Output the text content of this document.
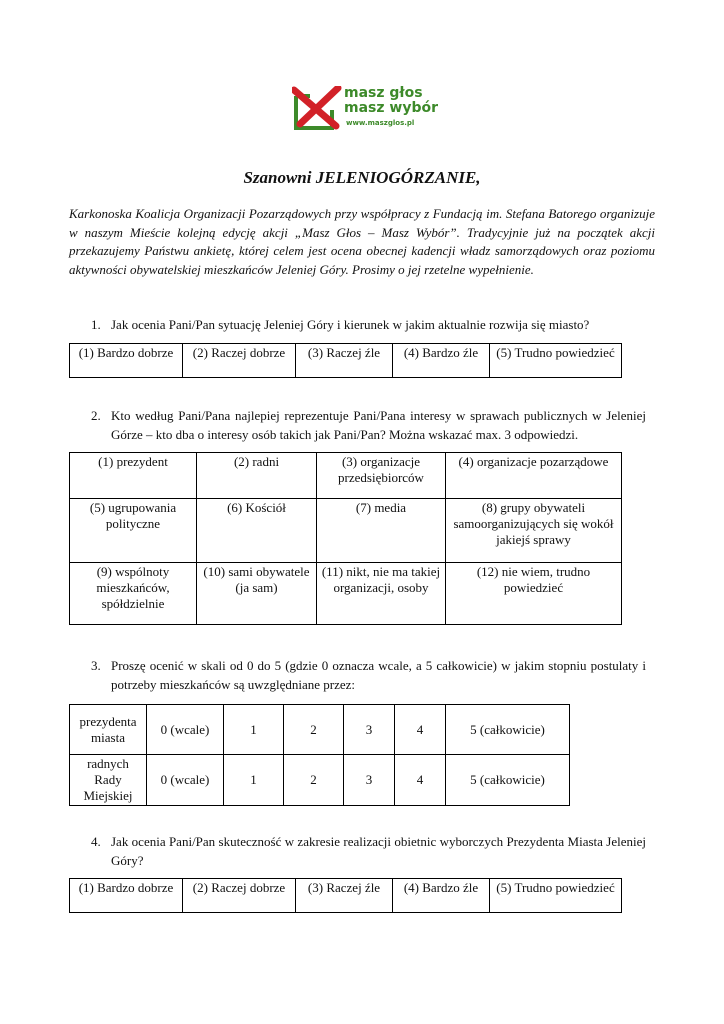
masz głos
masz wybór
www.maszglos.pl
Szanowni JELENIOGÓRZANIE,
Karkonoska Koalicja Organizacji Pozarządowych przy współpracy z Fundacją im. Stefana Batorego organizuje w naszym Mieście kolejną edycję akcji „Masz Głos – Masz Wybór”. Tradycyjnie już na początek akcji przekazujemy Państwu ankietę, której celem jest ocena obecnej kadencji władz samorządowych oraz poziomu aktywności obywatelskiej mieszkańców Jeleniej Góry. Prosimy o jej rzetelne wypełnienie.
1. Jak ocenia Pani/Pan sytuację Jeleniej Góry i kierunek w jakim aktualnie rozwija się miasto?
(1) Bardzo dobrze	(2) Raczej dobrze	(3) Raczej źle	(4) Bardzo źle	(5) Trudno powiedzieć
2. Kto według Pani/Pana najlepiej reprezentuje Pani/Pana interesy w sprawach publicznych w Jeleniej Górze – kto dba o interesy osób takich jak Pani/Pan? Można wskazać max. 3 odpowiedzi.
(1) prezydent	(2) radni	(3) organizacje przedsiębiorców	(4) organizacje pozarządowe
(5) ugrupowania polityczne	(6) Kościół	(7) media	(8) grupy obywateli samoorganizujących się wokół jakiejś sprawy
(9) wspólnoty mieszkańców, spółdzielnie	(10) sami obywatele (ja sam)	(11) nikt, nie ma takiej organizacji, osoby	(12) nie wiem, trudno powiedzieć
3. Proszę ocenić w skali od 0 do 5 (gdzie 0 oznacza wcale, a 5 całkowicie) w jakim stopniu postulaty i potrzeby mieszkańców są uwzględniane przez:
prezydenta miasta	0 (wcale)	1	2	3	4	5 (całkowicie)
radnych Rady Miejskiej	0 (wcale)	1	2	3	4	5 (całkowicie)
4. Jak ocenia Pani/Pan skuteczność w zakresie realizacji obietnic wyborczych Prezydenta Miasta Jeleniej Góry?
(1) Bardzo dobrze	(2) Raczej dobrze	(3) Raczej źle	(4) Bardzo źle	(5) Trudno powiedzieć
